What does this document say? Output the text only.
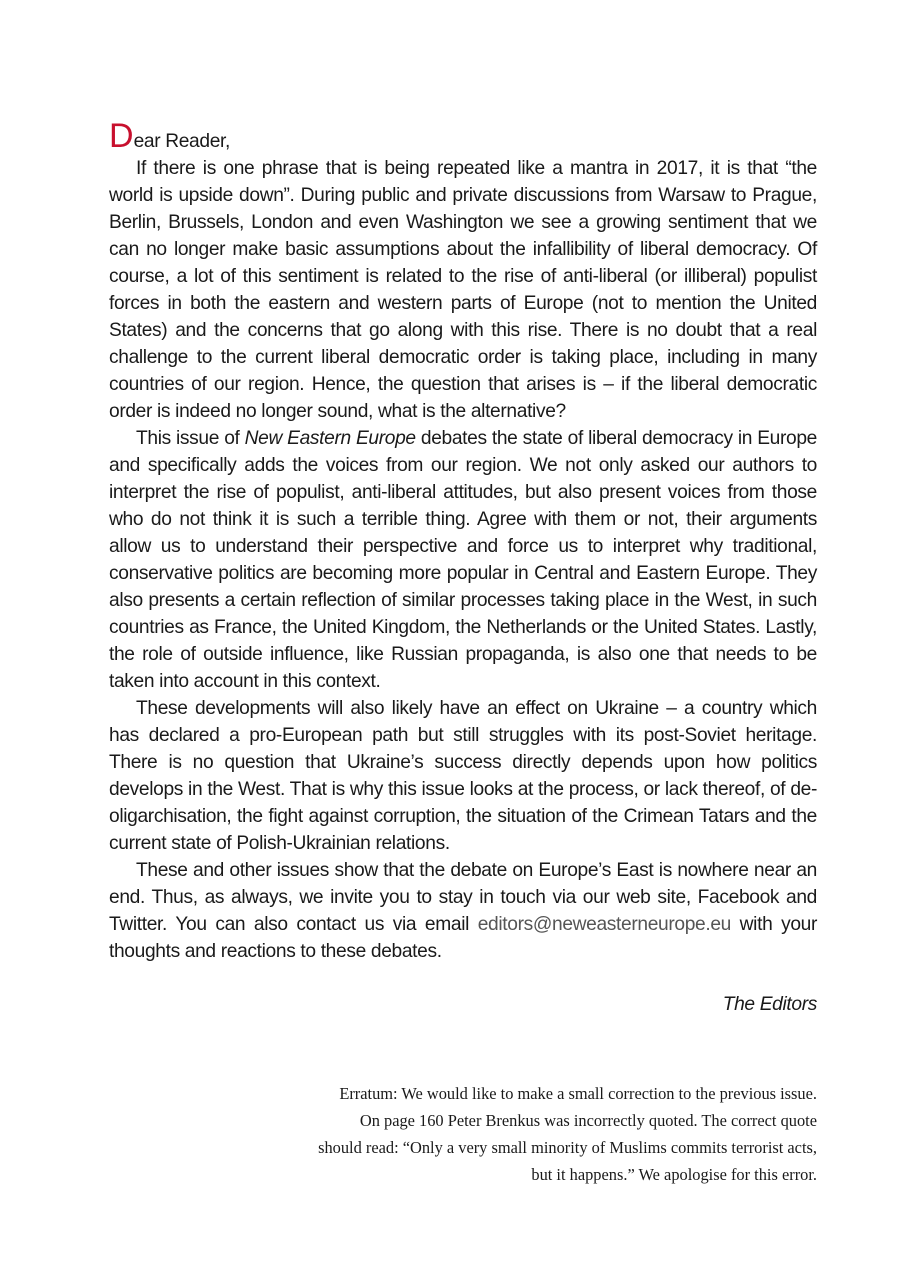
Dear Reader,

If there is one phrase that is being repeated like a mantra in 2017, it is that “the world is upside down”. During public and private discussions from Warsaw to Prague, Berlin, Brussels, London and even Washington we see a growing sentiment that we can no longer make basic assumptions about the infallibility of liberal democracy. Of course, a lot of this sentiment is related to the rise of anti-liberal (or illiberal) populist forces in both the eastern and western parts of Europe (not to mention the United States) and the concerns that go along with this rise. There is no doubt that a real challenge to the current liberal democratic order is taking place, including in many countries of our region. Hence, the question that arises is – if the liberal democratic order is indeed no longer sound, what is the alternative?

This issue of New Eastern Europe debates the state of liberal democracy in Europe and specifically adds the voices from our region. We not only asked our authors to interpret the rise of populist, anti-liberal attitudes, but also present voices from those who do not think it is such a terrible thing. Agree with them or not, their arguments allow us to understand their perspective and force us to interpret why traditional, conservative politics are becoming more popular in Central and Eastern Europe. They also presents a certain reflection of similar processes taking place in the West, in such countries as France, the United Kingdom, the Netherlands or the United States. Lastly, the role of outside influence, like Russian propaganda, is also one that needs to be taken into account in this context.

These developments will also likely have an effect on Ukraine – a country which has declared a pro-European path but still struggles with its post-Soviet heritage. There is no question that Ukraine’s success directly depends upon how politics develops in the West. That is why this issue looks at the process, or lack thereof, of de-oligarchisation, the fight against corruption, the situation of the Crimean Tatars and the current state of Polish-Ukrainian relations.

These and other issues show that the debate on Europe’s East is nowhere near an end. Thus, as always, we invite you to stay in touch via our web site, Facebook and Twitter. You can also contact us via email editors@neweasterneurope.eu with your thoughts and reactions to these debates.

The Editors

Erratum: We would like to make a small correction to the previous issue. On page 160 Peter Brenkus was incorrectly quoted. The correct quote should read: “Only a very small minority of Muslims commits terrorist acts, but it happens.” We apologise for this error.
